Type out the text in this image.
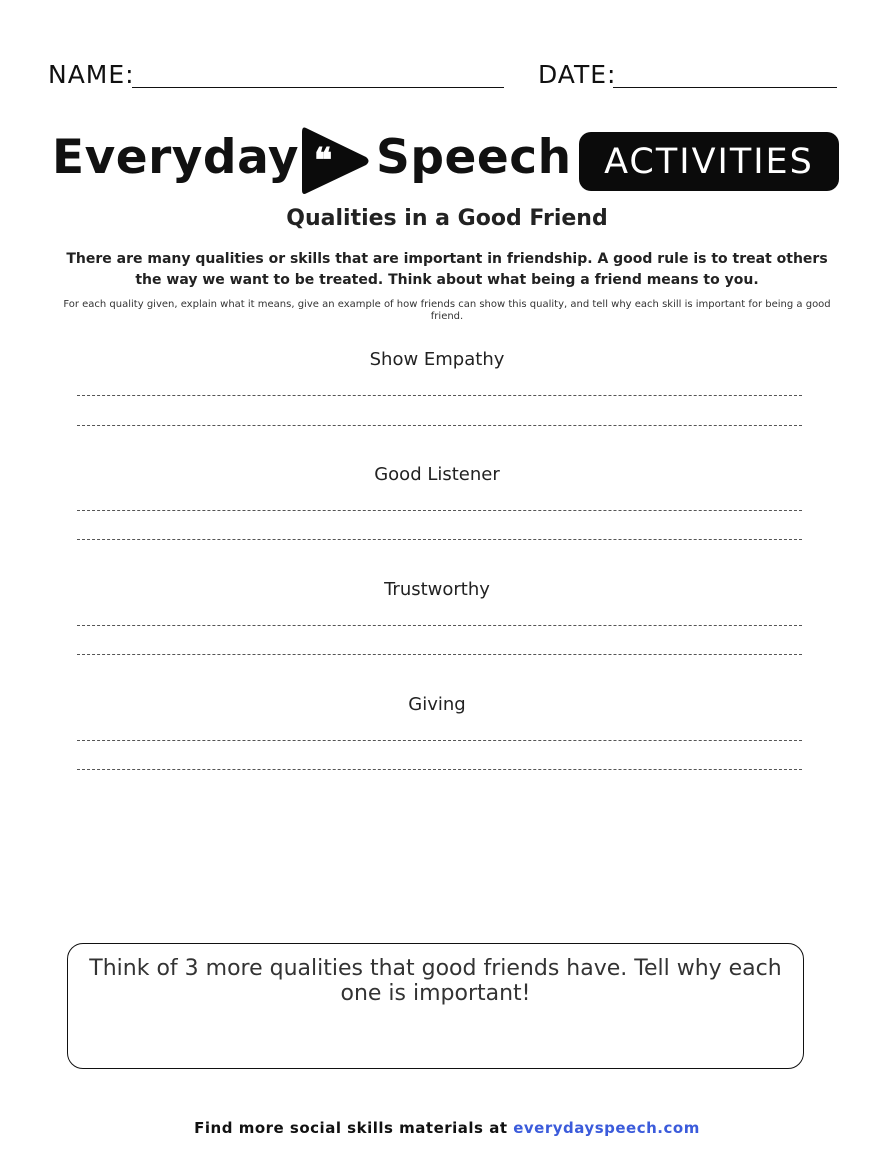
NAME:	DATE:
Everyday ❝ Speech ACTIVITIES
Qualities in a Good Friend
There are many qualities or skills that are important in friendship. A good rule is to treat others the way we want to be treated. Think about what being a friend means to you.
For each quality given, explain what it means, give an example of how friends can show this quality, and tell why each skill is important for being a good friend.
Show Empathy
Good Listener
Trustworthy
Giving
Think of 3 more qualities that good friends have. Tell why each one is important!
Find more social skills materials at everydayspeech.com
